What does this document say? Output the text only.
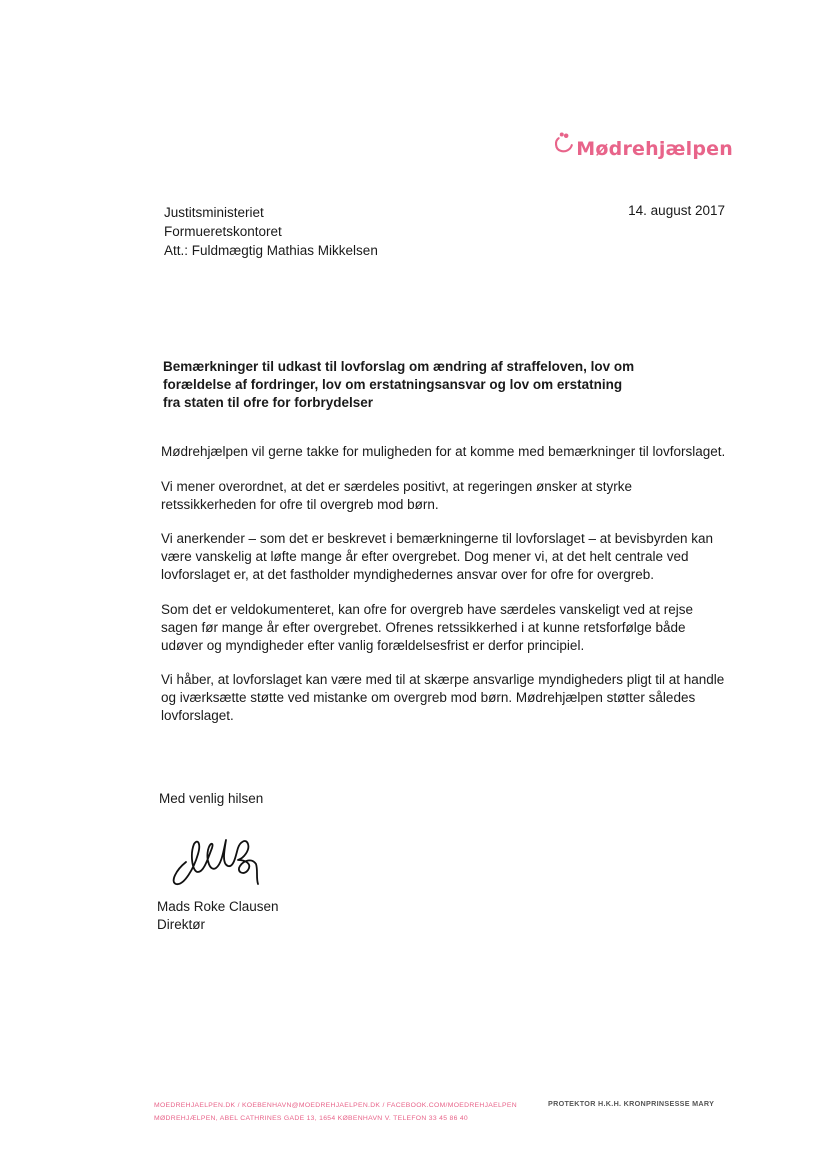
Mødrehjælpen
Justitsministeriet
Formueretskontoret
Att.: Fuldmægtig Mathias Mikkelsen
14. august 2017
Bemærkninger til udkast til lovforslag om ændring af straffeloven, lov om forældelse af fordringer, lov om erstatningsansvar og lov om erstatning fra staten til ofre for forbrydelser

Mødrehjælpen vil gerne takke for muligheden for at komme med bemærkninger til lovforslaget.

Vi mener overordnet, at det er særdeles positivt, at regeringen ønsker at styrke retssikkerheden for ofre til overgreb mod børn.

Vi anerkender – som det er beskrevet i bemærkningerne til lovforslaget – at bevisbyrden kan være vanskelig at løfte mange år efter overgrebet. Dog mener vi, at det helt centrale ved lovforslaget er, at det fastholder myndighedernes ansvar over for ofre for overgreb.

Som det er veldokumenteret, kan ofre for overgreb have særdeles vanskeligt ved at rejse sagen før mange år efter overgrebet. Ofrenes retssikkerhed i at kunne retsforfølge både udøver og myndigheder efter vanlig forældelsesfrist er derfor principiel.

Vi håber, at lovforslaget kan være med til at skærpe ansvarlige myndigheders pligt til at handle og iværksætte støtte ved mistanke om overgreb mod børn. Mødrehjælpen støtter således lovforslaget.

Med venlig hilsen
Mads Roke Clausen
Direktør
MOEDREHJAELPEN.DK / KOEBENHAVN@MOEDREHJAELPEN.DK / FACEBOOK.COM/MOEDREHJAELPEN
MØDREHJÆLPEN, ABEL CATHRINES GADE 13, 1654 KØBENHAVN V. TELEFON 33 45 86 40
PROTEKTOR H.K.H. KRONPRINSESSE MARY
